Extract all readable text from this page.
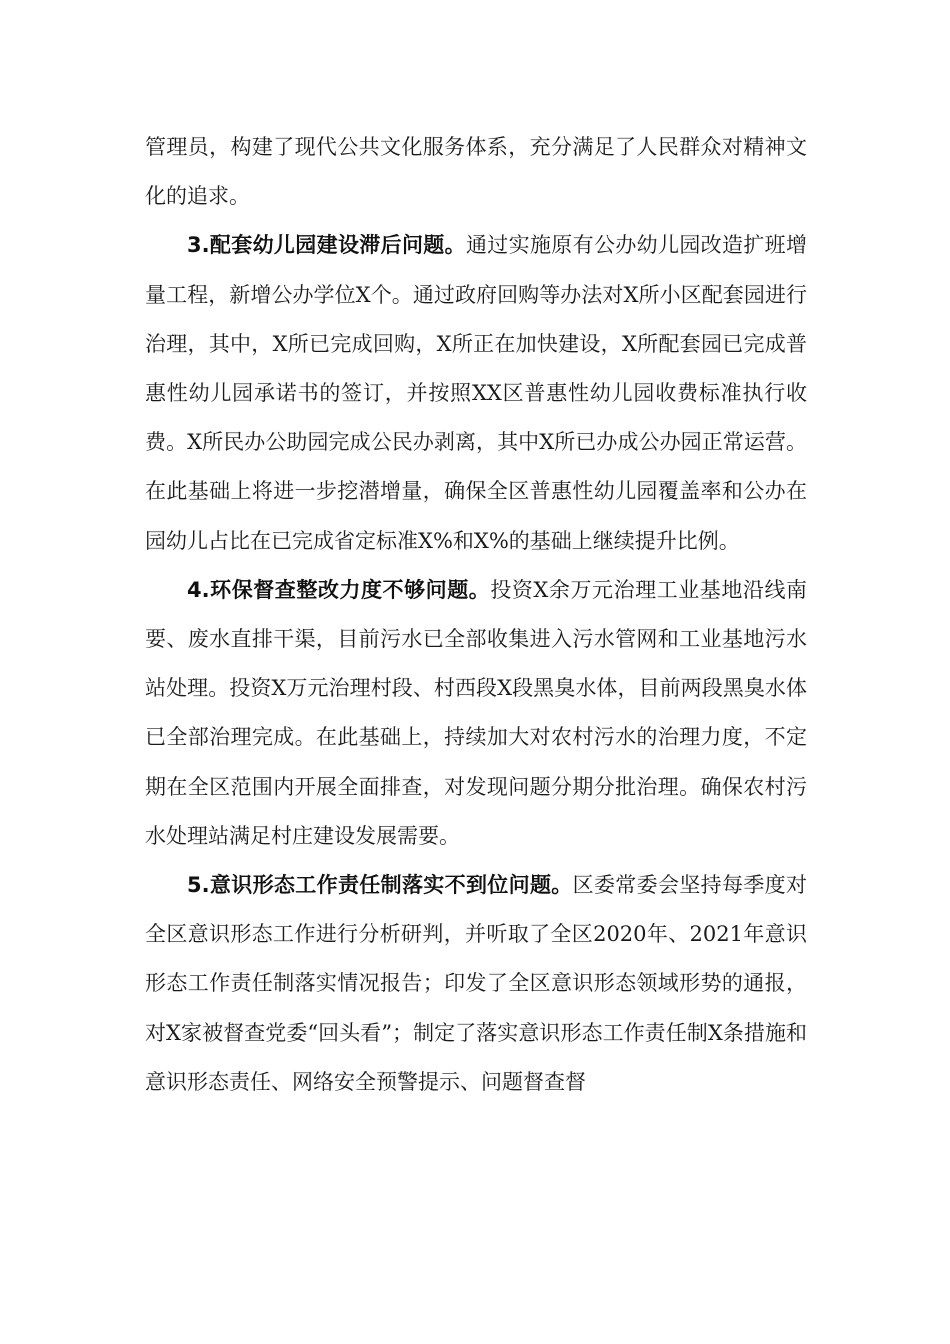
管理员，构建了现代公共文化服务体系，充分满足了人民群众对精神文化的追求。

3.配套幼儿园建设滞后问题。通过实施原有公办幼儿园改造扩班增量工程，新增公办学位X个。通过政府回购等办法对X所小区配套园进行治理，其中，X所已完成回购，X所正在加快建设，X所配套园已完成普惠性幼儿园承诺书的签订，并按照XX区普惠性幼儿园收费标准执行收费。X所民办公助园完成公民办剥离，其中X所已办成公办园正常运营。在此基础上将进一步挖潜增量，确保全区普惠性幼儿园覆盖率和公办在园幼儿占比在已完成省定标准X%和X%的基础上继续提升比例。

4.环保督查整改力度不够问题。投资X余万元治理工业基地沿线南要、废水直排干渠，目前污水已全部收集进入污水管网和工业基地污水站处理。投资X万元治理村段、村西段X段黑臭水体，目前两段黑臭水体已全部治理完成。在此基础上，持续加大对农村污水的治理力度，不定期在全区范围内开展全面排查，对发现问题分期分批治理。确保农村污水处理站满足村庄建设发展需要。

5.意识形态工作责任制落实不到位问题。区委常委会坚持每季度对全区意识形态工作进行分析研判，并听取了全区2020年、2021年意识形态工作责任制落实情况报告；印发了全区意识形态领域形势的通报，对X家被督查党委“回头看”；制定了落实意识形态工作责任制X条措施和意识形态责任、网络安全预警提示、问题督查督
